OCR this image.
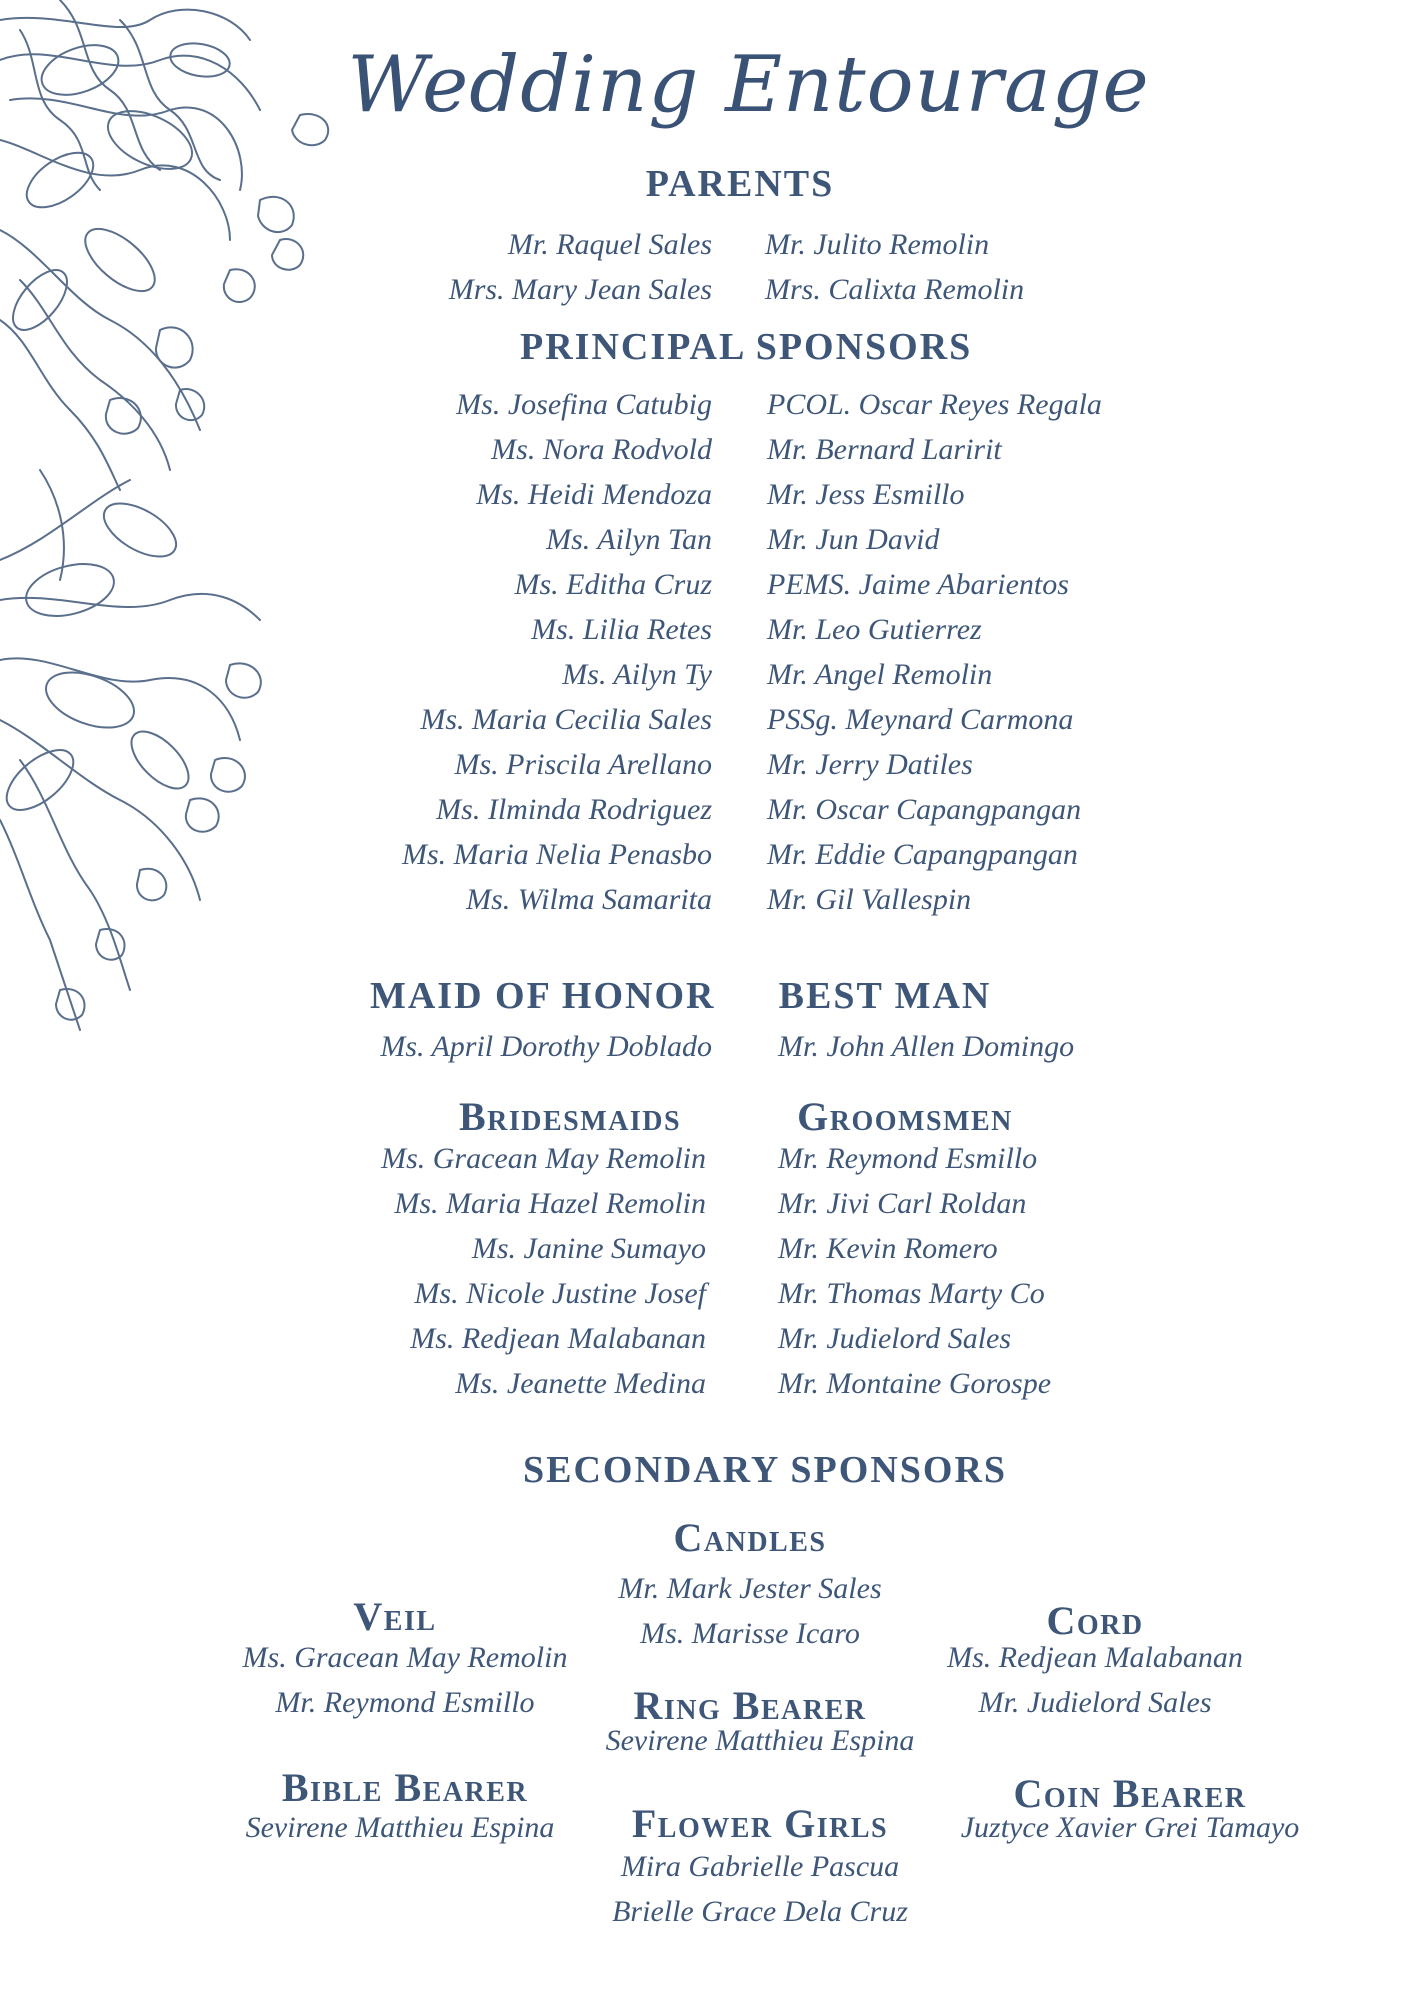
Wedding Entourage
PARENTS
Mr. Raquel Sales
Mrs. Mary Jean Sales
Mr. Julito Remolin
Mrs. Calixta Remolin
PRINCIPAL SPONSORS
Ms. Josefina Catubig
Ms. Nora Rodvold
Ms. Heidi Mendoza
Ms. Ailyn Tan
Ms. Editha Cruz
Ms. Lilia Retes
Ms. Ailyn Ty
Ms. Maria Cecilia Sales
Ms. Priscila Arellano
Ms. Ilminda Rodriguez
Ms. Maria Nelia Penasbo
Ms. Wilma Samarita
PCOL. Oscar Reyes Regala
Mr. Bernard Laririt
Mr. Jess Esmillo
Mr. Jun David
PEMS. Jaime Abarientos
Mr. Leo Gutierrez
Mr. Angel Remolin
PSSg. Meynard Carmona
Mr. Jerry Datiles
Mr. Oscar Capangpangan
Mr. Eddie Capangpangan
Mr. Gil Vallespin
MAID OF HONOR
Ms. April Dorothy Doblado
BEST MAN
Mr. John Allen Domingo
Bridesmaids
Ms. Gracean May Remolin
Ms. Maria Hazel Remolin
Ms. Janine Sumayo
Ms. Nicole Justine Josef
Ms. Redjean Malabanan
Ms. Jeanette Medina
Groomsmen
Mr. Reymond Esmillo
Mr. Jivi Carl Roldan
Mr. Kevin Romero
Mr. Thomas Marty Co
Mr. Judielord Sales
Mr. Montaine Gorospe
SECONDARY SPONSORS
Candles
Mr. Mark Jester Sales
Ms. Marisse Icaro
Veil
Ms. Gracean May Remolin
Mr. Reymond Esmillo
Cord
Ms. Redjean Malabanan
Mr. Judielord Sales
Ring Bearer
Sevirene Matthieu Espina
Bible Bearer
Sevirene Matthieu Espina
Coin Bearer
Juztyce Xavier Grei Tamayo
Flower Girls
Mira Gabrielle Pascua
Brielle Grace Dela Cruz
